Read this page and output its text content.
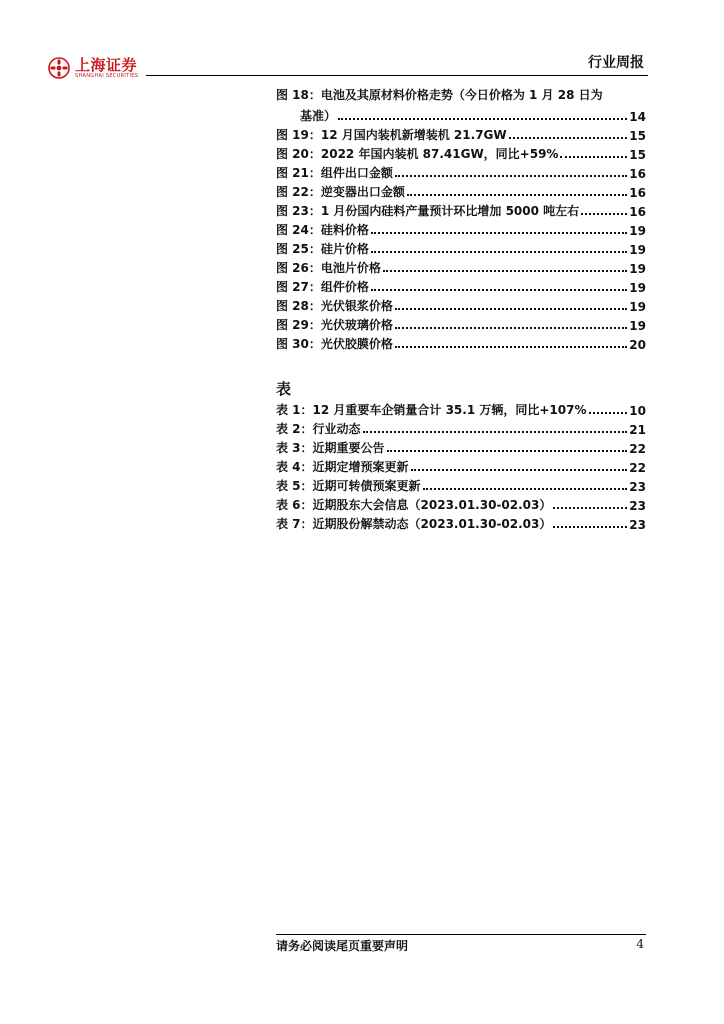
上海证券
SHANGHAI SECURITIES
行业周报
图 18：电池及其原材料价格走势（今日价格为 1 月 28 日为
基准）	14
图 19：12 月国内装机新增装机 21.7GW	15
图 20：2022 年国内装机 87.41GW，同比+59%	15
图 21：组件出口金额	16
图 22：逆变器出口金额	16
图 23：1 月份国内硅料产量预计环比增加 5000 吨左右	16
图 24：硅料价格	19
图 25：硅片价格	19
图 26：电池片价格	19
图 27：组件价格	19
图 28：光伏银浆价格	19
图 29：光伏玻璃价格	19
图 30：光伏胶膜价格	20
表
表 1：12 月重要车企销量合计 35.1 万辆，同比+107%	10
表 2：行业动态	21
表 3：近期重要公告	22
表 4：近期定增预案更新	22
表 5：近期可转债预案更新	23
表 6：近期股东大会信息（2023.01.30-02.03）	23
表 7：近期股份解禁动态（2023.01.30-02.03）	23
请务必阅读尾页重要声明	4
